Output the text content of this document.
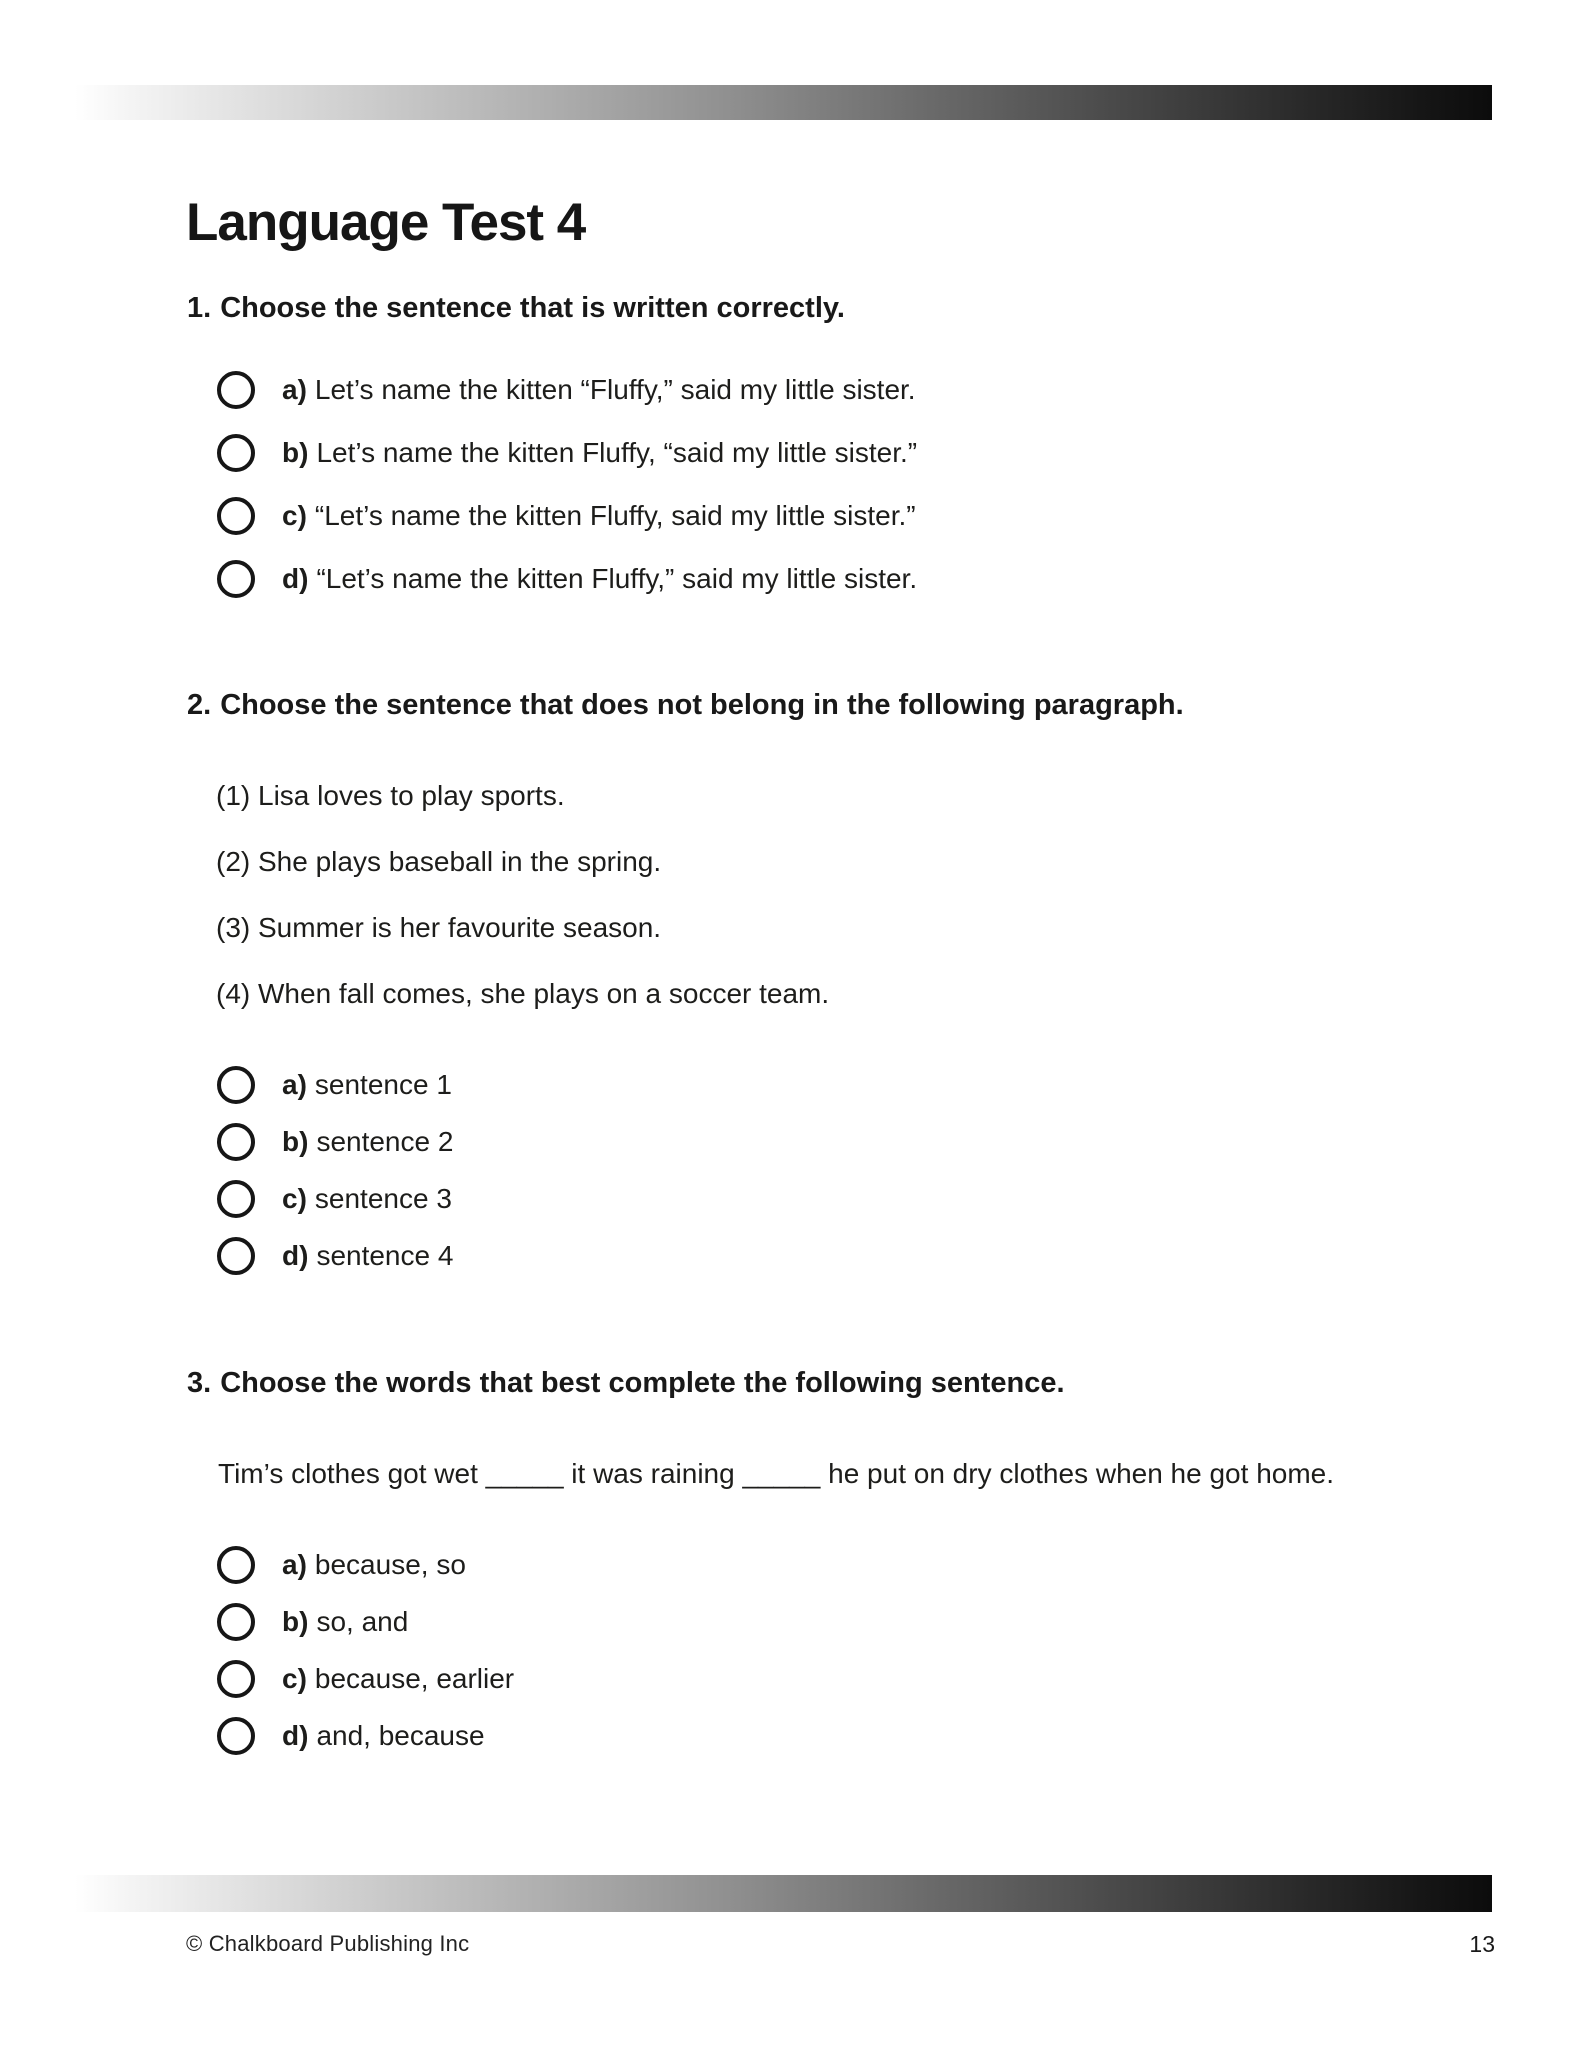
Language Test 4
1. Choose the sentence that is written correctly.
a) Let’s name the kitten “Fluffy,” said my little sister.
b) Let’s name the kitten Fluffy, “said my little sister.”
c) “Let’s name the kitten Fluffy, said my little sister.”
d) “Let’s name the kitten Fluffy,” said my little sister.
2. Choose the sentence that does not belong in the following paragraph.
(1) Lisa loves to play sports.
(2) She plays baseball in the spring.
(3) Summer is her favourite season.
(4) When fall comes, she plays on a soccer team.
a) sentence 1
b) sentence 2
c) sentence 3
d) sentence 4
3. Choose the words that best complete the following sentence.
Tim’s clothes got wet _____ it was raining _____ he put on dry clothes when he got home.
a) because, so
b) so, and
c) because, earlier
d) and, because
© Chalkboard Publishing Inc	13
